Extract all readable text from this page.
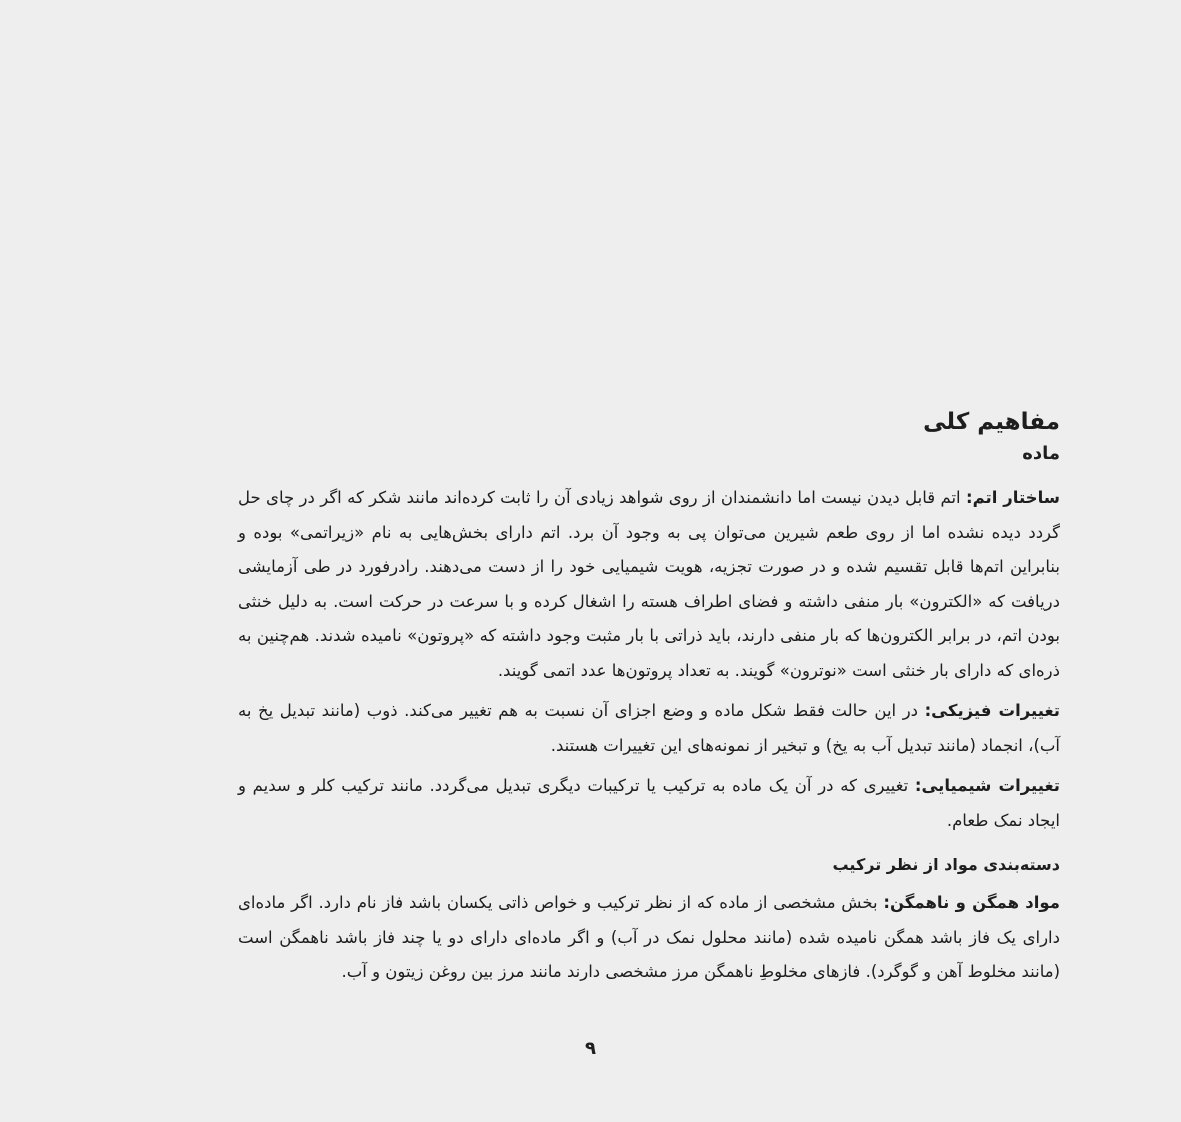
مفاهیم کلی
ماده

ساختار اتم: اتم قابل دیدن نیست اما دانشمندان از روی شواهد زیادی آن را ثابت کرده‌اند مانند شکر که اگر در چای حل گردد دیده نشده اما از روی طعم شیرین می‌توان پی به وجود آن برد. اتم دارای بخش‌هایی به نام «زیراتمی» بوده و بنابراین اتم‌ها قابل تقسیم شده و در صورت تجزیه، هویت شیمیایی خود را از دست می‌دهند. رادرفورد در طی آزمایشی دریافت که «الکترون» بار منفی داشته و فضای اطراف هسته را اشغال کرده و با سرعت در حرکت است. به دلیل خنثی بودن اتم، در برابر الکترون‌ها که بار منفی دارند، باید ذراتی با بار مثبت وجود داشته که «پروتون» نامیده شدند. هم‌چنین به ذره‌ای که دارای بار خنثی است «نوترون» گویند. به تعداد پروتون‌ها عدد اتمی گویند.

تغییرات فیزیکی: در این حالت فقط شکل ماده و وضع اجزای آن نسبت به هم تغییر می‌کند. ذوب (مانند تبدیل یخ به آب)، انجماد (مانند تبدیل آب به یخ) و تبخیر از نمونه‌های این تغییرات هستند.

تغییرات شیمیایی: تغییری که در آن یک ماده به ترکیب یا ترکیبات دیگری تبدیل می‌گردد. مانند ترکیب کلر و سدیم و ایجاد نمک طعام.

دسته‌بندی مواد از نظر ترکیب

مواد همگن و ناهمگن: بخش مشخصی از ماده که از نظر ترکیب و خواص ذاتی یکسان باشد فاز نام دارد. اگر ماده‌ای دارای یک فاز باشد همگن نامیده شده (مانند محلول نمک در آب) و اگر ماده‌ای دارای دو یا چند فاز باشد ناهمگن است (مانند مخلوط آهن و گوگرد). فازهای مخلوطِ ناهمگن مرز مشخصی دارند مانند مرز بین روغن زیتون و آب.

۹
